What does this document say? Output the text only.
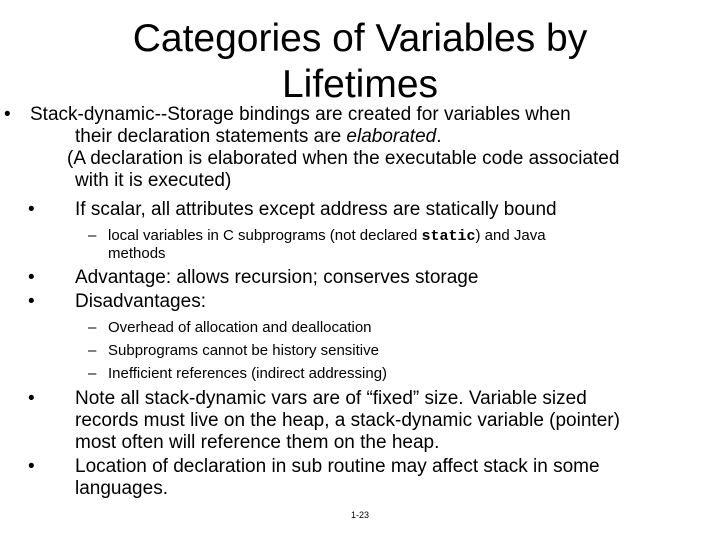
Categories of Variables by Lifetimes
•	Stack-dynamic--Storage bindings are created for variables when
their declaration statements are elaborated.
(A declaration is elaborated when the executable code associated
with it is executed)
•	If scalar, all attributes except address are statically bound
– local variables in C subprograms (not declared static) and Java
methods
•	Advantage: allows recursion; conserves storage
•	Disadvantages:
– Overhead of allocation and deallocation
– Subprograms cannot be history sensitive
– Inefficient references (indirect addressing)
•	Note all stack-dynamic vars are of “fixed” size. Variable sized
records must live on the heap, a stack-dynamic variable (pointer)
most often will reference them on the heap.
•	Location of declaration in sub routine may affect stack in some
languages.
1-23
